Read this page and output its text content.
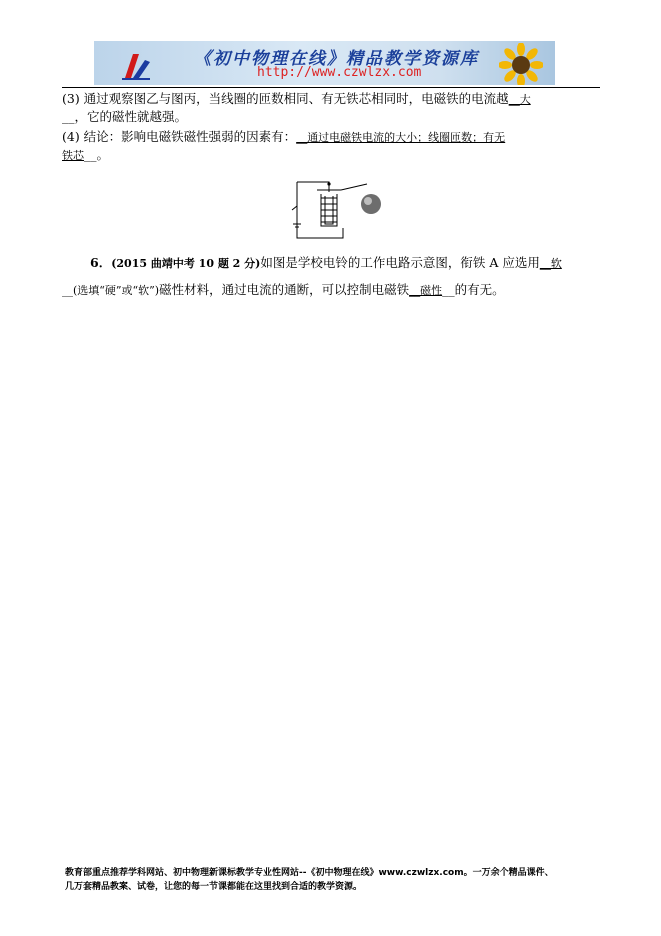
《初中物理在线》精品教学资源库
http://www.czwlzx.com
(3) 通过观察图乙与图丙，当线圈的匝数相同、有无铁芯相同时，电磁铁的电流越__大
__，它的磁性就越强。
(4) 结论：影响电磁铁磁性强弱的因素有：__通过电磁铁电流的大小；线圈匝数；有无
铁芯__。
6．(2015 曲靖中考 10 题 2 分)如图是学校电铃的工作电路示意图，衔铁 A 应选用__软
__(选填“硬”或“软”)磁性材料，通过电流的通断，可以控制电磁铁__磁性__的有无。
教育部重点推荐学科网站、初中物理新课标教学专业性网站--《初中物理在线》www.czwlzx.com。一万余个精品课件、
几万套精品教案、试卷，让您的每一节课都能在这里找到合适的教学资源。
